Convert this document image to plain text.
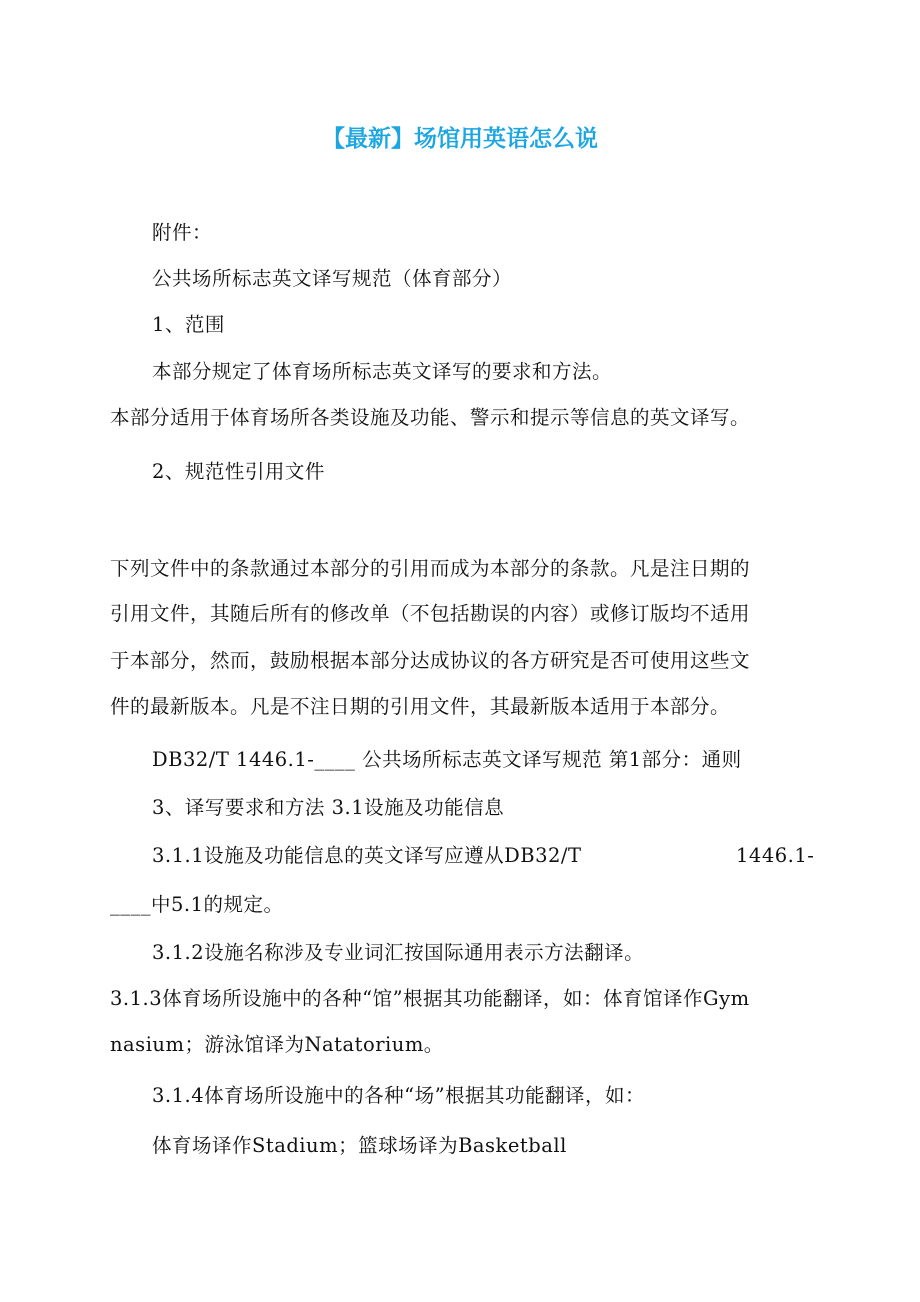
【最新】场馆用英语怎么说
附件：
公共场所标志英文译写规范（体育部分）
1、范围
本部分规定了体育场所标志英文译写的要求和方法。
本部分适用于体育场所各类设施及功能、警示和提示等信息的英文译写。
2、规范性引用文件
下列文件中的条款通过本部分的引用而成为本部分的条款。凡是注日期的
引用文件，其随后所有的修改单（不包括勘误的内容）或修订版均不适用
于本部分，然而，鼓励根据本部分达成协议的各方研究是否可使用这些文
件的最新版本。凡是不注日期的引用文件，其最新版本适用于本部分。
DB32/T 1446.1-____ 公共场所标志英文译写规范 第1部分：通则
3、译写要求和方法 3.1设施及功能信息
3.1.1设施及功能信息的英文译写应遵从DB32/T	1446.1-
____中5.1的规定。
3.1.2设施名称涉及专业词汇按国际通用表示方法翻译。
3.1.3体育场所设施中的各种“馆”根据其功能翻译，如：体育馆译作Gym
nasium；游泳馆译为Natatorium。
3.1.4体育场所设施中的各种“场”根据其功能翻译，如：
体育场译作Stadium；篮球场译为Basketball
